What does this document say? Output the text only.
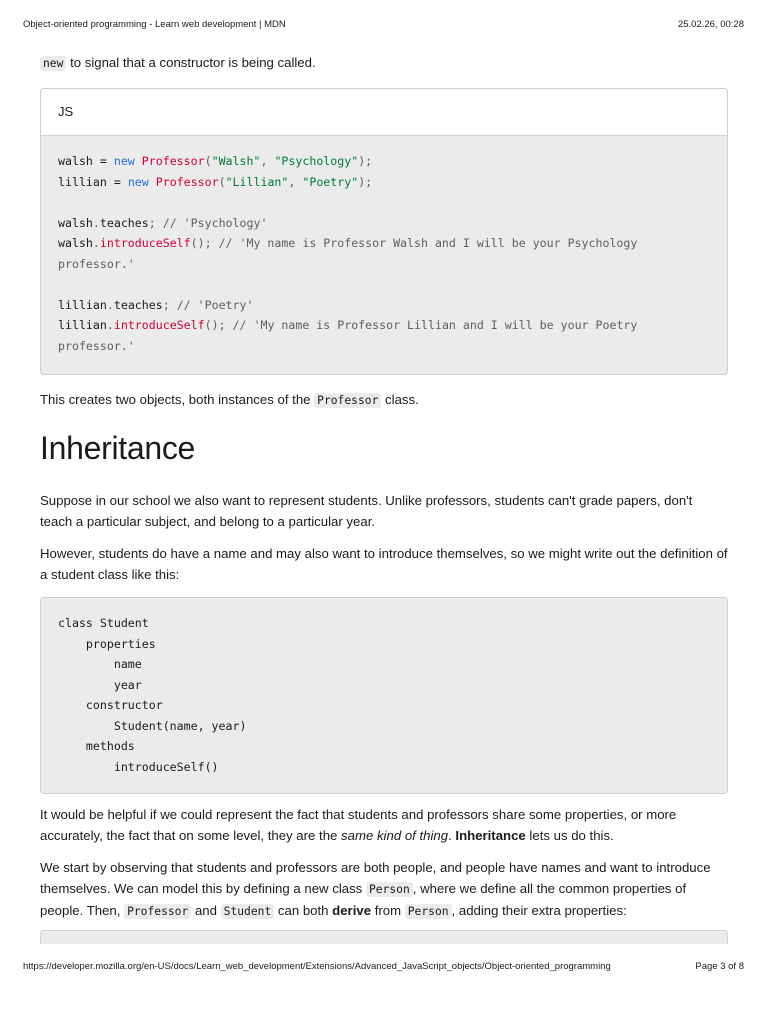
Object-oriented programming - Learn web development | MDN	25.02.26, 00:28

new to signal that a constructor is being called.

JS
walsh = new Professor("Walsh", "Psychology");
lillian = new Professor("Lillian", "Poetry");

walsh.teaches; // 'Psychology'
walsh.introduceSelf(); // 'My name is Professor Walsh and I will be your Psychology
professor.'

lillian.teaches; // 'Poetry'
lillian.introduceSelf(); // 'My name is Professor Lillian and I will be your Poetry
professor.'

This creates two objects, both instances of the Professor class.

Inheritance

Suppose in our school we also want to represent students. Unlike professors, students can't grade papers, don't teach a particular subject, and belong to a particular year.

However, students do have a name and may also want to introduce themselves, so we might write out the definition of a student class like this:

class Student
properties
name
year
constructor
Student(name, year)
methods
introduceSelf()

It would be helpful if we could represent the fact that students and professors share some properties, or more accurately, the fact that on some level, they are the same kind of thing. Inheritance lets us do this.

We start by observing that students and professors are both people, and people have names and want to introduce themselves. We can model this by defining a new class Person , where we define all the common properties of people. Then, Professor and Student can both derive from Person , adding their extra properties:

https://developer.mozilla.org/en-US/docs/Learn_web_development/Extensions/Advanced_JavaScript_objects/Object-oriented_programming	Page 3 of 8
